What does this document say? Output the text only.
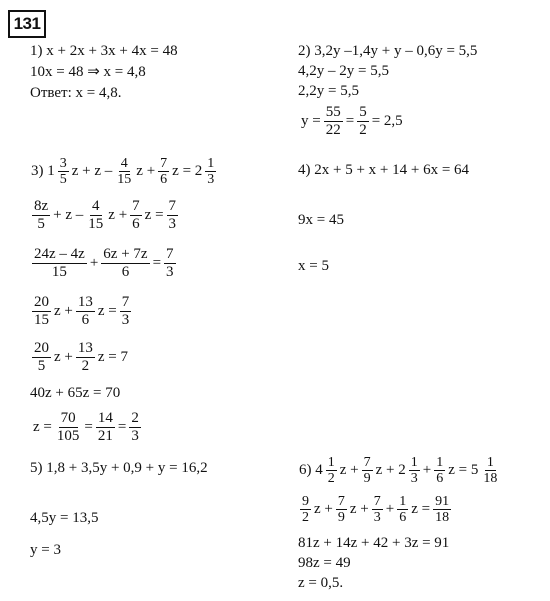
131
1) x + 2x + 3x + 4x = 48
10x = 48 ⇒ x = 4,8
Ответ: x = 4,8.
2) 3,2y –1,4y + y – 0,6y = 5,5
4,2y – 2y = 5,5
2,2y = 5,5
$y = \frac{55}{22} = \frac{5}{2} = 2,5$
3) $1 \frac{3}{5}$ $z + z - \frac{4}{15}$ $z + \frac{7}{6}$ $z = 2 \frac{1}{3}$
$\frac{8z}{5} + z - \frac{4}{15}$ $z + \frac{7}{6}$ $z = \frac{7}{3}$
$\frac{24z - 4z}{15} + \frac{6z + 7z}{6} = \frac{7}{3}$
$\frac{20}{15}$ $z + \frac{13}{6}$ $z = \frac{7}{3}$
$\frac{20}{5}$ $z + \frac{13}{2}$ z = 7
40z + 65z = 70
$z = \frac{70}{105} = \frac{14}{21} = \frac{2}{3}$
4) 2x + 5 + x + 14 + 6x = 64
9x = 45
x = 5
5) 1,8 + 3,5y + 0,9 + y = 16,2
4,5y = 13,5
y = 3
6) $4 \frac{1}{2}$ $z + \frac{7}{9}$ $z + 2 \frac{1}{3} + \frac{1}{6}$ $z = 5 \frac{1}{18}$
$\frac{9}{2}$ $z + \frac{7}{9}$ $z + \frac{7}{3} + \frac{1}{6}$ $z = \frac{91}{18}$
81z + 14z + 42 + 3z = 91
98z = 49
z = 0,5.
